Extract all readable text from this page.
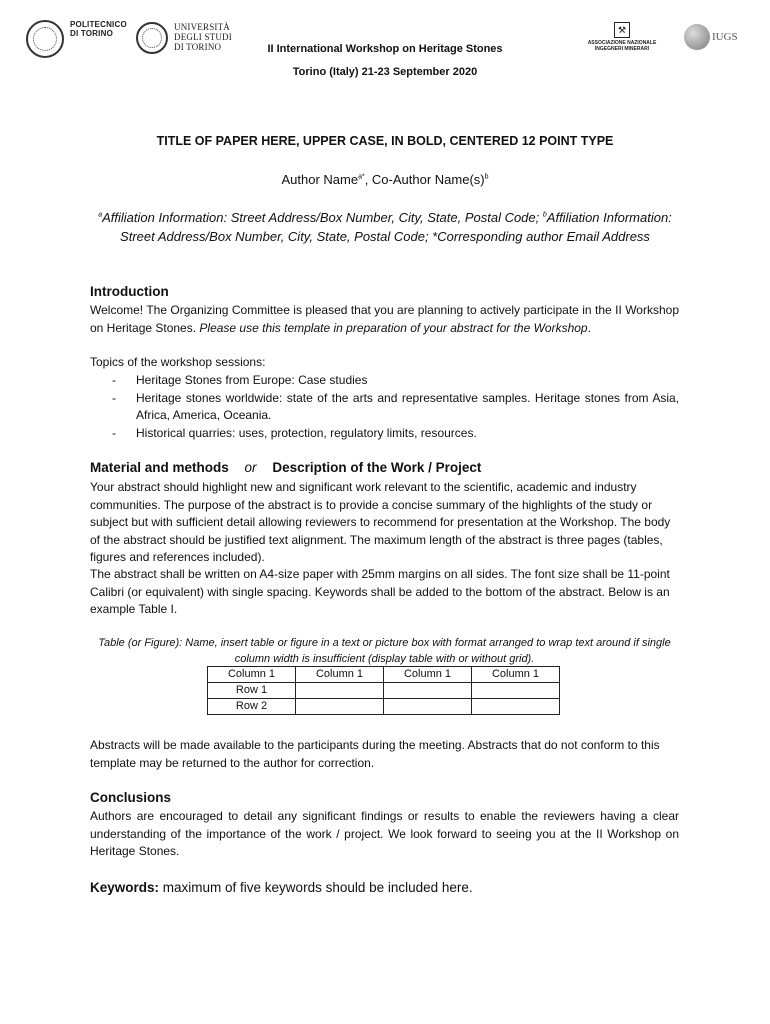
POLITECNICO
DI TORINO
UNIVERSITÀ
DEGLI STUDI
DI TORINO	II International Workshop on Heritage Stones
Torino (Italy) 21-23 September 2020
⚒
ASSOCIAZIONE NAZIONALE
INGEGNERI MINERARI
IUGS
TITLE OF PAPER HERE, UPPER CASE, IN BOLD, CENTERED 12 POINT TYPE
Author Name$^{a*}$, Co-Author $Name(s)^b$
$^a$Affiliation Information: Street Address/Box Number, City, State, Postal Code; $^b$Affiliation Information: Street Address/Box Number, City, State, Postal Code; *Corresponding author Email Address
Introduction
Welcome! The Organizing Committee is pleased that you are planning to actively participate in the II Workshop on Heritage Stones. Please use this template in preparation of your abstract for the Workshop.
Topics of the workshop sessions:
- Heritage Stones from Europe: Case studies
- Heritage stones worldwide: state of the arts and representative samples. Heritage stones from Asia, Africa, America, Oceania.
- Historical quarries: uses, protection, regulatory limits, resources.
Material and methods or Description of the Work / Project
Your abstract should highlight new and significant work relevant to the scientific, academic and industry communities. The purpose of the abstract is to provide a concise summary of the highlights of the study or subject but with sufficient detail allowing reviewers to recommend for presentation at the Workshop. The body of the abstract should be justified text alignment. The maximum length of the abstract is three pages (tables, figures and references included).
The abstract shall be written on A4-size paper with 25mm margins on all sides. The font size shall be 11-point Calibri (or equivalent) with single spacing. Keywords shall be added to the bottom of the abstract. Below is an example Table I.
Table (or Figure): Name, insert table or figure in a text or picture box with format arranged to wrap text around if single column width is insufficient (display table with or without grid).
Column 1	Column 1	Column 1	Column 1
Row 1			
Row 2			
Abstracts will be made available to the participants during the meeting. Abstracts that do not conform to this template may be returned to the author for correction.
Conclusions
Authors are encouraged to detail any significant findings or results to enable the reviewers having a clear understanding of the importance of the work / project. We look forward to seeing you at the II Workshop on Heritage Stones.
Keywords: maximum of five keywords should be included here.
